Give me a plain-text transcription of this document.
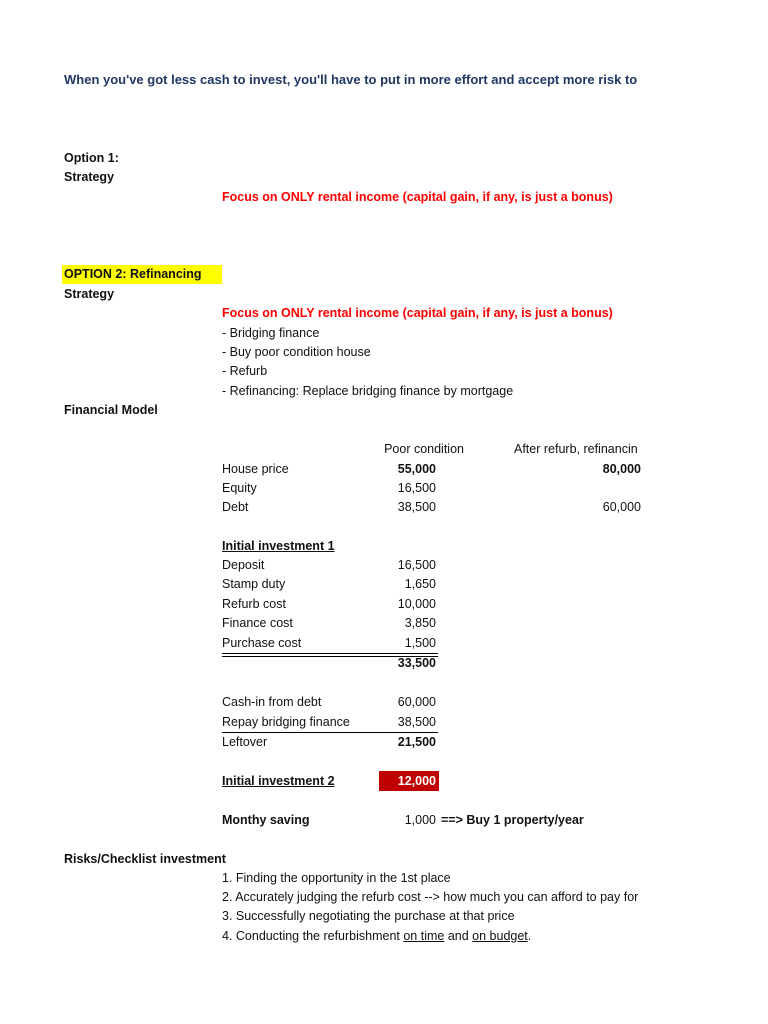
When you've got less cash to invest, you'll have to put in more effort and accept more risk to
Option 1:
Strategy
Focus on ONLY rental income (capital gain, if any, is just a bonus)
OPTION 2: Refinancing
Strategy
Focus on ONLY rental income (capital gain, if any, is just a bonus)
- Bridging finance
- Buy poor condition house
- Refurb
- Refinancing: Replace bridging finance by mortgage
Financial Model
Poor condition	After refurb, refinancin
House price	55,000	80,000
Equity	16,500
Debt	38,500	60,000
Initial investment 1
Deposit	16,500
Stamp duty	1,650
Refurb cost	10,000
Finance cost	3,850
Purchase cost	1,500
33,500
Cash-in from debt	60,000
Repay bridging finance	38,500
Leftover	21,500
Initial investment 2	12,000
Monthy saving	1,000 ==> Buy 1 property/year
Risks/Checklist investment
1. Finding the opportunity in the 1st place
2. Accurately judging the refurb cost --> how much you can afford to pay for
3. Successfully negotiating the purchase at that price
4. Conducting the refurbishment on time and on budget.
